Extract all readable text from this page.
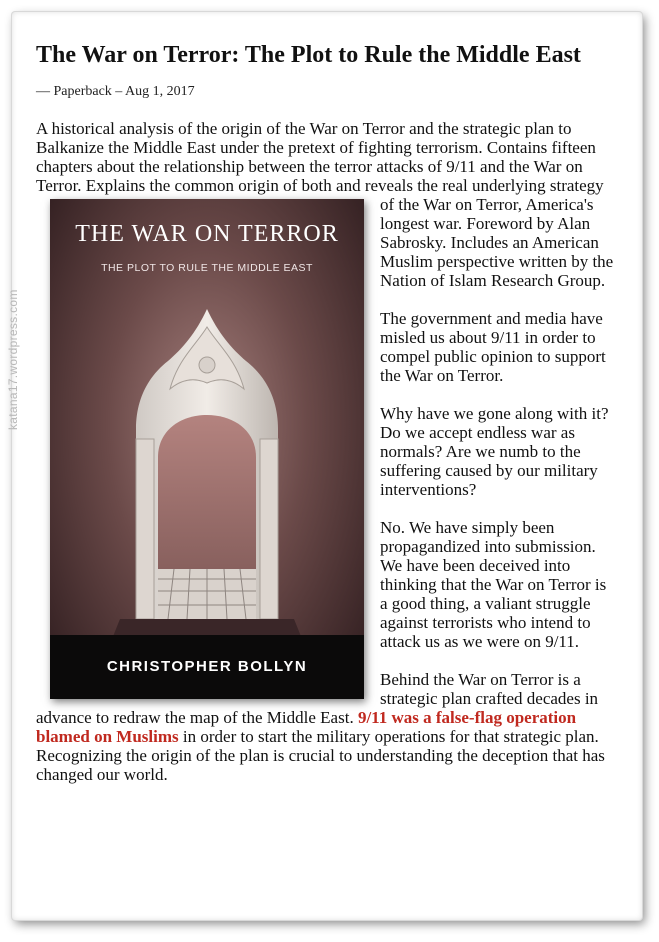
katana17.wordpress.com
The War on Terror: The Plot to Rule the Middle East
— Paperback – Aug 1, 2017

A historical analysis of the origin of the War on Terror and the strategic plan to Balkanize the Middle East under the pretext of fighting terrorism. Contains fifteen chapters about the relationship between the terror attacks of 9/11 and the War on Terror. Explains the common origin of both and reveals the real
THE WAR ON TERROR
THE PLOT TO RULE THE MIDDLE EAST
CHRISTOPHER BOLLYN
underlying strategy of the War on Terror, America's longest war. Foreword by Alan Sabrosky. Includes an American Muslim perspective written by the Nation of Islam Research Group.

The government and media have misled us about 9/11 in order to compel public opinion to support the War on Terror.

Why have we gone along with it? Do we accept endless war as normals? Are we numb to the suffering caused by our military interventions?

No. We have simply been propagandized into submission. We have been deceived into thinking that the War on Terror is a good thing, a valiant struggle against terrorists who intend to attack us as we were on 9/11.

Behind the War on Terror is a strategic plan crafted decades in advance to redraw the map of the Middle East. 9/11 was a false-flag operation blamed on Muslims in order to start the military operations for that strategic plan. Recognizing the origin of the plan is crucial to understanding the deception that has changed our world.
